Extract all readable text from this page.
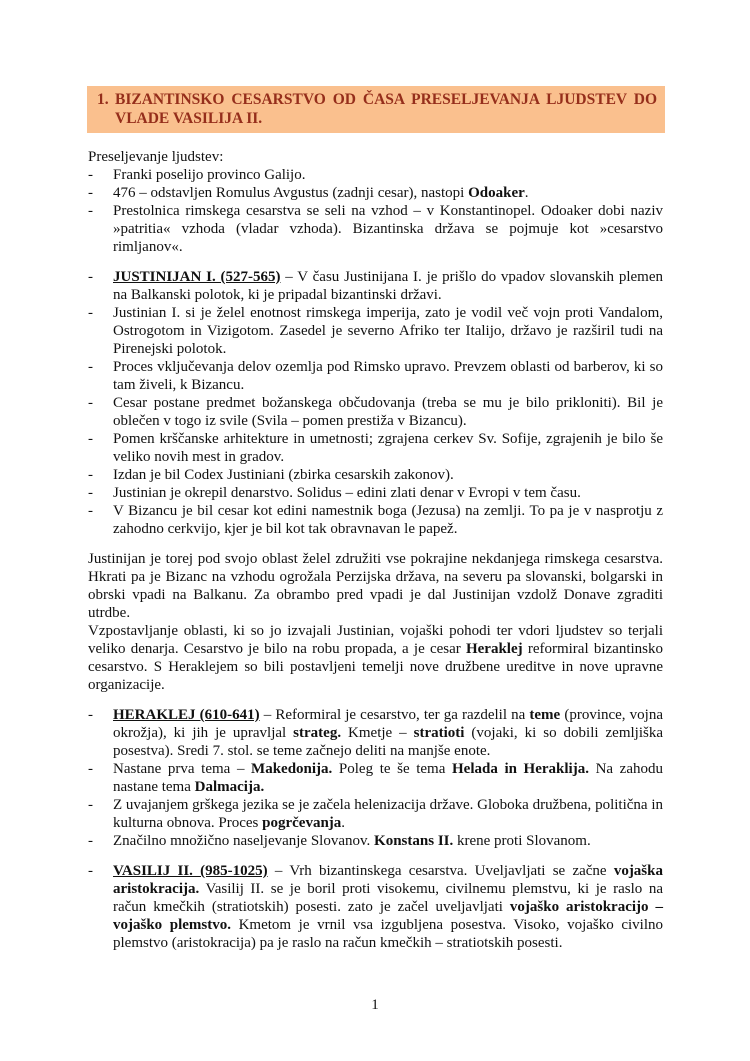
1. BIZANTINSKO CESARSTVO OD ČASA PRESELJEVANJA LJUDSTEV DO VLADE VASILIJA II.
Preseljevanje ljudstev:
- Franki poselijo provinco Galijo.
- 476 – odstavljen Romulus Avgustus (zadnji cesar), nastopi Odoaker.
- Prestolnica rimskega cesarstva se seli na vzhod – v Konstantinopel. Odoaker dobi naziv »patritia« vzhoda (vladar vzhoda). Bizantinska država se pojmuje kot »cesarstvo rimljanov«.
- JUSTINIJAN I. (527-565) – V času Justinijana I. je prišlo do vpadov slovanskih plemen na Balkanski polotok, ki je pripadal bizantinski državi.
- Justinian I. si je želel enotnost rimskega imperija, zato je vodil več vojn proti Vandalom, Ostrogotom in Vizigotom. Zasedel je severno Afriko ter Italijo, državo je razširil tudi na Pirenejski polotok.
- Proces vključevanja delov ozemlja pod Rimsko upravo. Prevzem oblasti od barberov, ki so tam živeli, k Bizancu.
- Cesar postane predmet božanskega občudovanja (treba se mu je bilo prikloniti). Bil je oblečen v togo iz svile (Svila – pomen prestiža v Bizancu).
- Pomen krščanske arhitekture in umetnosti; zgrajena cerkev Sv. Sofije, zgrajenih je bilo še veliko novih mest in gradov.
- Izdan je bil Codex Justiniani (zbirka cesarskih zakonov).
- Justinian je okrepil denarstvo. Solidus – edini zlati denar v Evropi v tem času.
- V Bizancu je bil cesar kot edini namestnik boga (Jezusa) na zemlji. To pa je v nasprotju z zahodno cerkvijo, kjer je bil kot tak obravnavan le papež.
Justinijan je torej pod svojo oblast želel združiti vse pokrajine nekdanjega rimskega cesarstva. Hkrati pa je Bizanc na vzhodu ogrožala Perzijska država, na severu pa slovanski, bolgarski in obrski vpadi na Balkanu. Za obrambo pred vpadi je dal Justinijan vzdolž Donave zgraditi utrdbe.
Vzpostavljanje oblasti, ki so jo izvajali Justinian, vojaški pohodi ter vdori ljudstev so terjali veliko denarja. Cesarstvo je bilo na robu propada, a je cesar Heraklej reformiral bizantinsko cesarstvo. S Heraklejem so bili postavljeni temelji nove družbene ureditve in nove upravne organizacije.
- HERAKLEJ (610-641) – Reformiral je cesarstvo, ter ga razdelil na teme (province, vojna okrožja), ki jih je upravljal strateg. Kmetje – stratioti (vojaki, ki so dobili zemljiška posestva). Sredi 7. stol. se teme začnejo deliti na manjše enote.
- Nastane prva tema – Makedonija. Poleg te še tema Helada in Heraklija. Na zahodu nastane tema Dalmacija.
- Z uvajanjem grškega jezika se je začela helenizacija države. Globoka družbena, politična in kulturna obnova. Proces pogrčevanja.
- Značilno množično naseljevanje Slovanov. Konstans II. krene proti Slovanom.
- VASILIJ II. (985-1025) – Vrh bizantinskega cesarstva. Uveljavljati se začne vojaška aristokracija. Vasilij II. se je boril proti visokemu, civilnemu plemstvu, ki je raslo na račun kmečkih (stratiotskih) posesti. zato je začel uveljavljati vojaško aristokracijo – vojaško plemstvo. Kmetom je vrnil vsa izgubljena posestva. Visoko, vojaško civilno plemstvo (aristokracija) pa je raslo na račun kmečkih – stratiotskih posesti.
1
